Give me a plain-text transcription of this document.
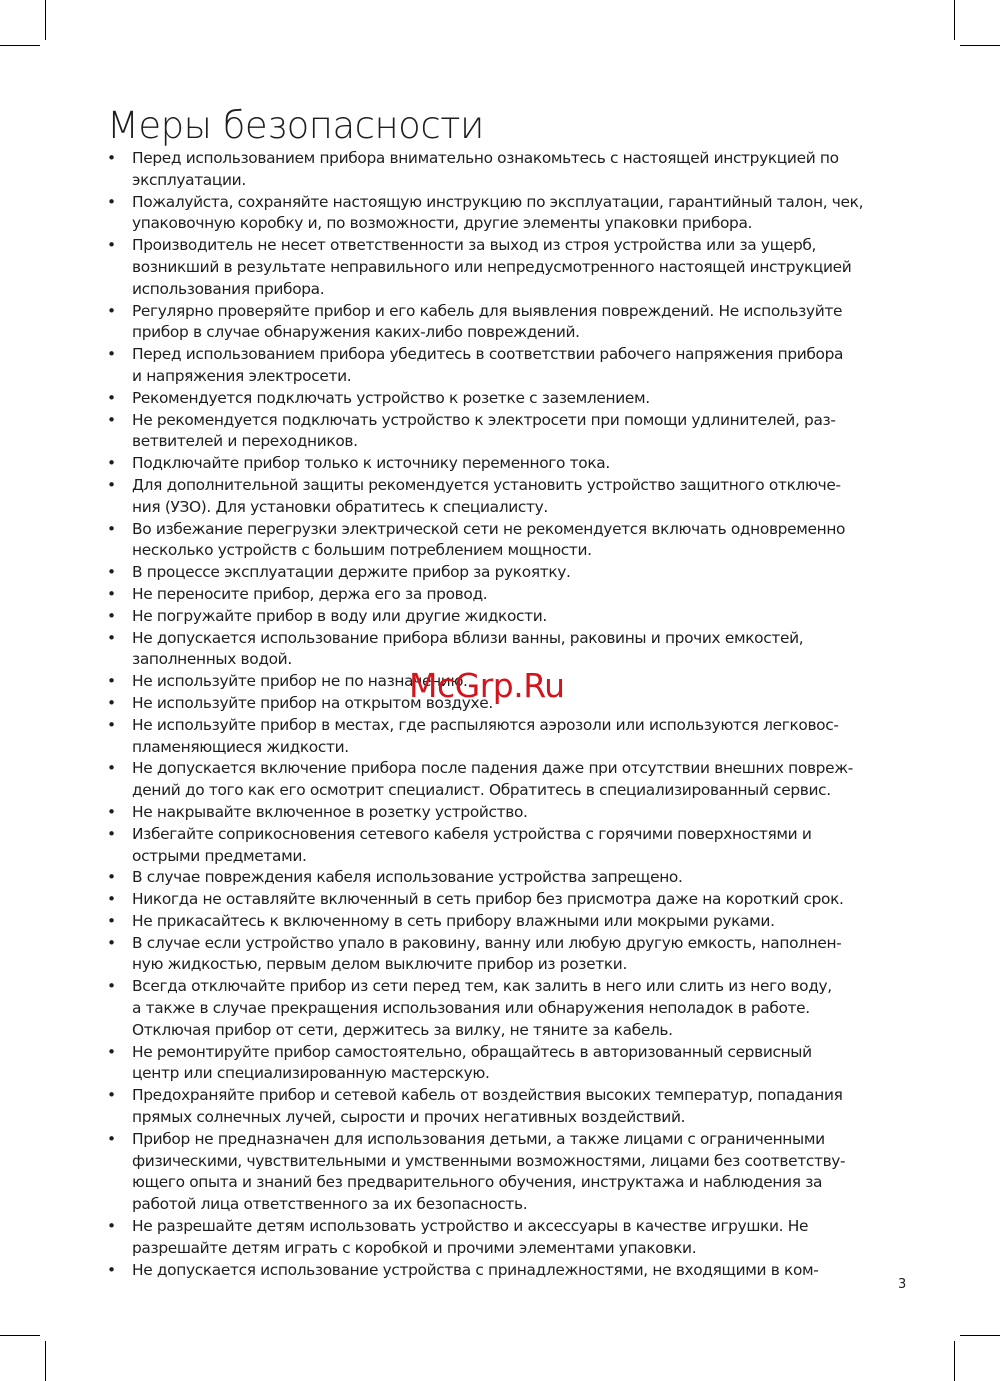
Меры безопасности
• Перед использованием прибора внимательно ознакомьтесь с настоящей инструкцией по
эксплуатации.
• Пожалуйста, сохраняйте настоящую инструкцию по эксплуатации, гарантийный талон, чек,
упаковочную коробку и, по возможности, другие элементы упаковки прибора.
• Производитель не несет ответственности за выход из строя устройства или за ущерб,
возникший в результате неправильного или непредусмотренного настоящей инструкцией
использования прибора.
• Регулярно проверяйте прибор и его кабель для выявления повреждений. Не используйте
прибор в случае обнаружения каких-либо повреждений.
• Перед использованием прибора убедитесь в соответствии рабочего напряжения прибора
и напряжения электросети.
• Рекомендуется подключать устройство к розетке с заземлением.
• Не рекомендуется подключать устройство к электросети при помощи удлинителей, раз-
ветвителей и переходников.
• Подключайте прибор только к источнику переменного тока.
• Для дополнительной защиты рекомендуется установить устройство защитного отключе-
ния (УЗО). Для установки обратитесь к специалисту.
• Во избежание перегрузки электрической сети не рекомендуется включать одновременно
несколько устройств с большим потреблением мощности.
• В процессе эксплуатации держите прибор за рукоятку.
• Не переносите прибор, держа его за провод.
• Не погружайте прибор в воду или другие жидкости.
• Не допускается использование прибора вблизи ванны, раковины и прочих емкостей,
заполненных водой.
• Не используйте прибор не по назначению.
• Не используйте прибор на открытом воздухе.
• Не используйте прибор в местах, где распыляются аэрозоли или используются легковос-
пламеняющиеся жидкости.
• Не допускается включение прибора после падения даже при отсутствии внешних повреж-
дений до того как его осмотрит специалист. Обратитесь в специализированный сервис.
• Не накрывайте включенное в розетку устройство.
• Избегайте соприкосновения сетевого кабеля устройства с горячими поверхностями и
острыми предметами.
• В случае повреждения кабеля использование устройства запрещено.
• Никогда не оставляйте включенный в сеть прибор без присмотра даже на короткий срок.
• Не прикасайтесь к включенному в сеть прибору влажными или мокрыми руками.
• В случае если устройство упало в раковину, ванну или любую другую емкость, наполнен-
ную жидкостью, первым делом выключите прибор из розетки.
• Всегда отключайте прибор из сети перед тем, как залить в него или слить из него воду,
а также в случае прекращения использования или обнаружения неполадок в работе.
Отключая прибор от сети, держитесь за вилку, не тяните за кабель.
• Не ремонтируйте прибор самостоятельно, обращайтесь в авторизованный сервисный
центр или специализированную мастерскую.
• Предохраняйте прибор и сетевой кабель от воздействия высоких температур, попадания
прямых солнечных лучей, сырости и прочих негативных воздействий.
• Прибор не предназначен для использования детьми, а также лицами с ограниченными
физическими, чувствительными и умственными возможностями, лицами без соответству-
ющего опыта и знаний без предварительного обучения, инструктажа и наблюдения за
работой лица ответственного за их безопасность.
• Не разрешайте детям использовать устройство и аксессуары в качестве игрушки. Не
разрешайте детям играть с коробкой и прочими элементами упаковки.
• Не допускается использование устройства с принадлежностями, не входящими в ком-
McGrp.Ru
3
